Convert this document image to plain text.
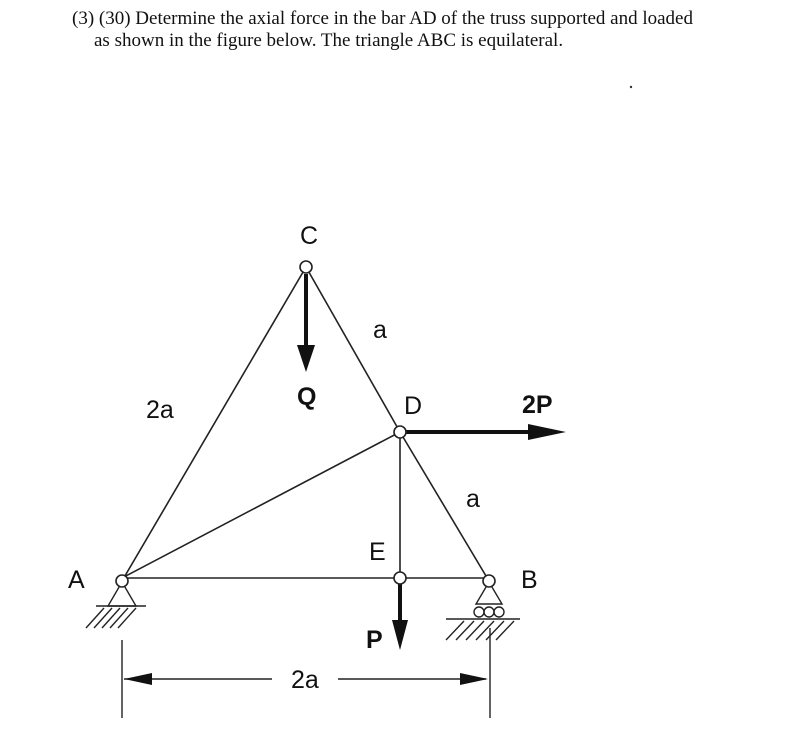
(3) (30) Determine the axial force in the bar AD of the truss supported and loaded
as shown in the figure below. The triangle ABC is equilateral.
C
D
E
A	B
a
2a
a
2a
Q	2P
P
